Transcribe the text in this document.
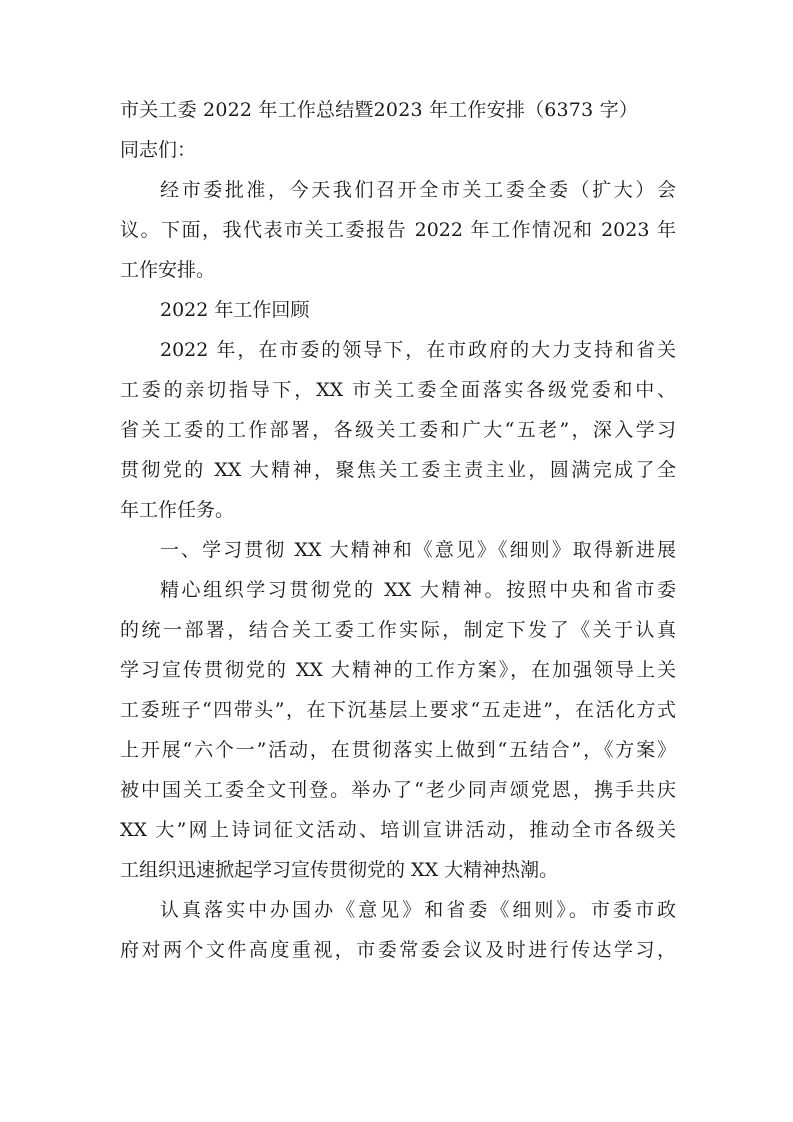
市关工委 2022 年工作总结暨2023 年工作安排（6373 字）
同志们：
经市委批准，今天我们召开全市关工委全委（扩大）会
议。下面，我代表市关工委报告 2022 年工作情况和 2023 年
工作安排。
2022 年工作回顾
2022 年，在市委的领导下，在市政府的大力支持和省关
工委的亲切指导下，XX 市关工委全面落实各级党委和中、
省关工委的工作部署，各级关工委和广大“五老”，深入学习
贯彻党的 XX 大精神，聚焦关工委主责主业，圆满完成了全
年工作任务。
一、学习贯彻 XX 大精神和《意见》《细则》取得新进展
精心组织学习贯彻党的 XX 大精神。按照中央和省市委
的统一部署，结合关工委工作实际，制定下发了《关于认真
学习宣传贯彻党的 XX 大精神的工作方案》，在加强领导上关
工委班子“四带头”，在下沉基层上要求“五走进”，在活化方式
上开展“六个一”活动，在贯彻落实上做到“五结合”，《方案》
被中国关工委全文刊登。举办了“老少同声颂党恩，携手共庆
XX 大”网上诗词征文活动、培训宣讲活动，推动全市各级关
工组织迅速掀起学习宣传贯彻党的 XX 大精神热潮。
认真落实中办国办《意见》和省委《细则》。市委市政
府对两个文件高度重视，市委常委会议及时进行传达学习，
